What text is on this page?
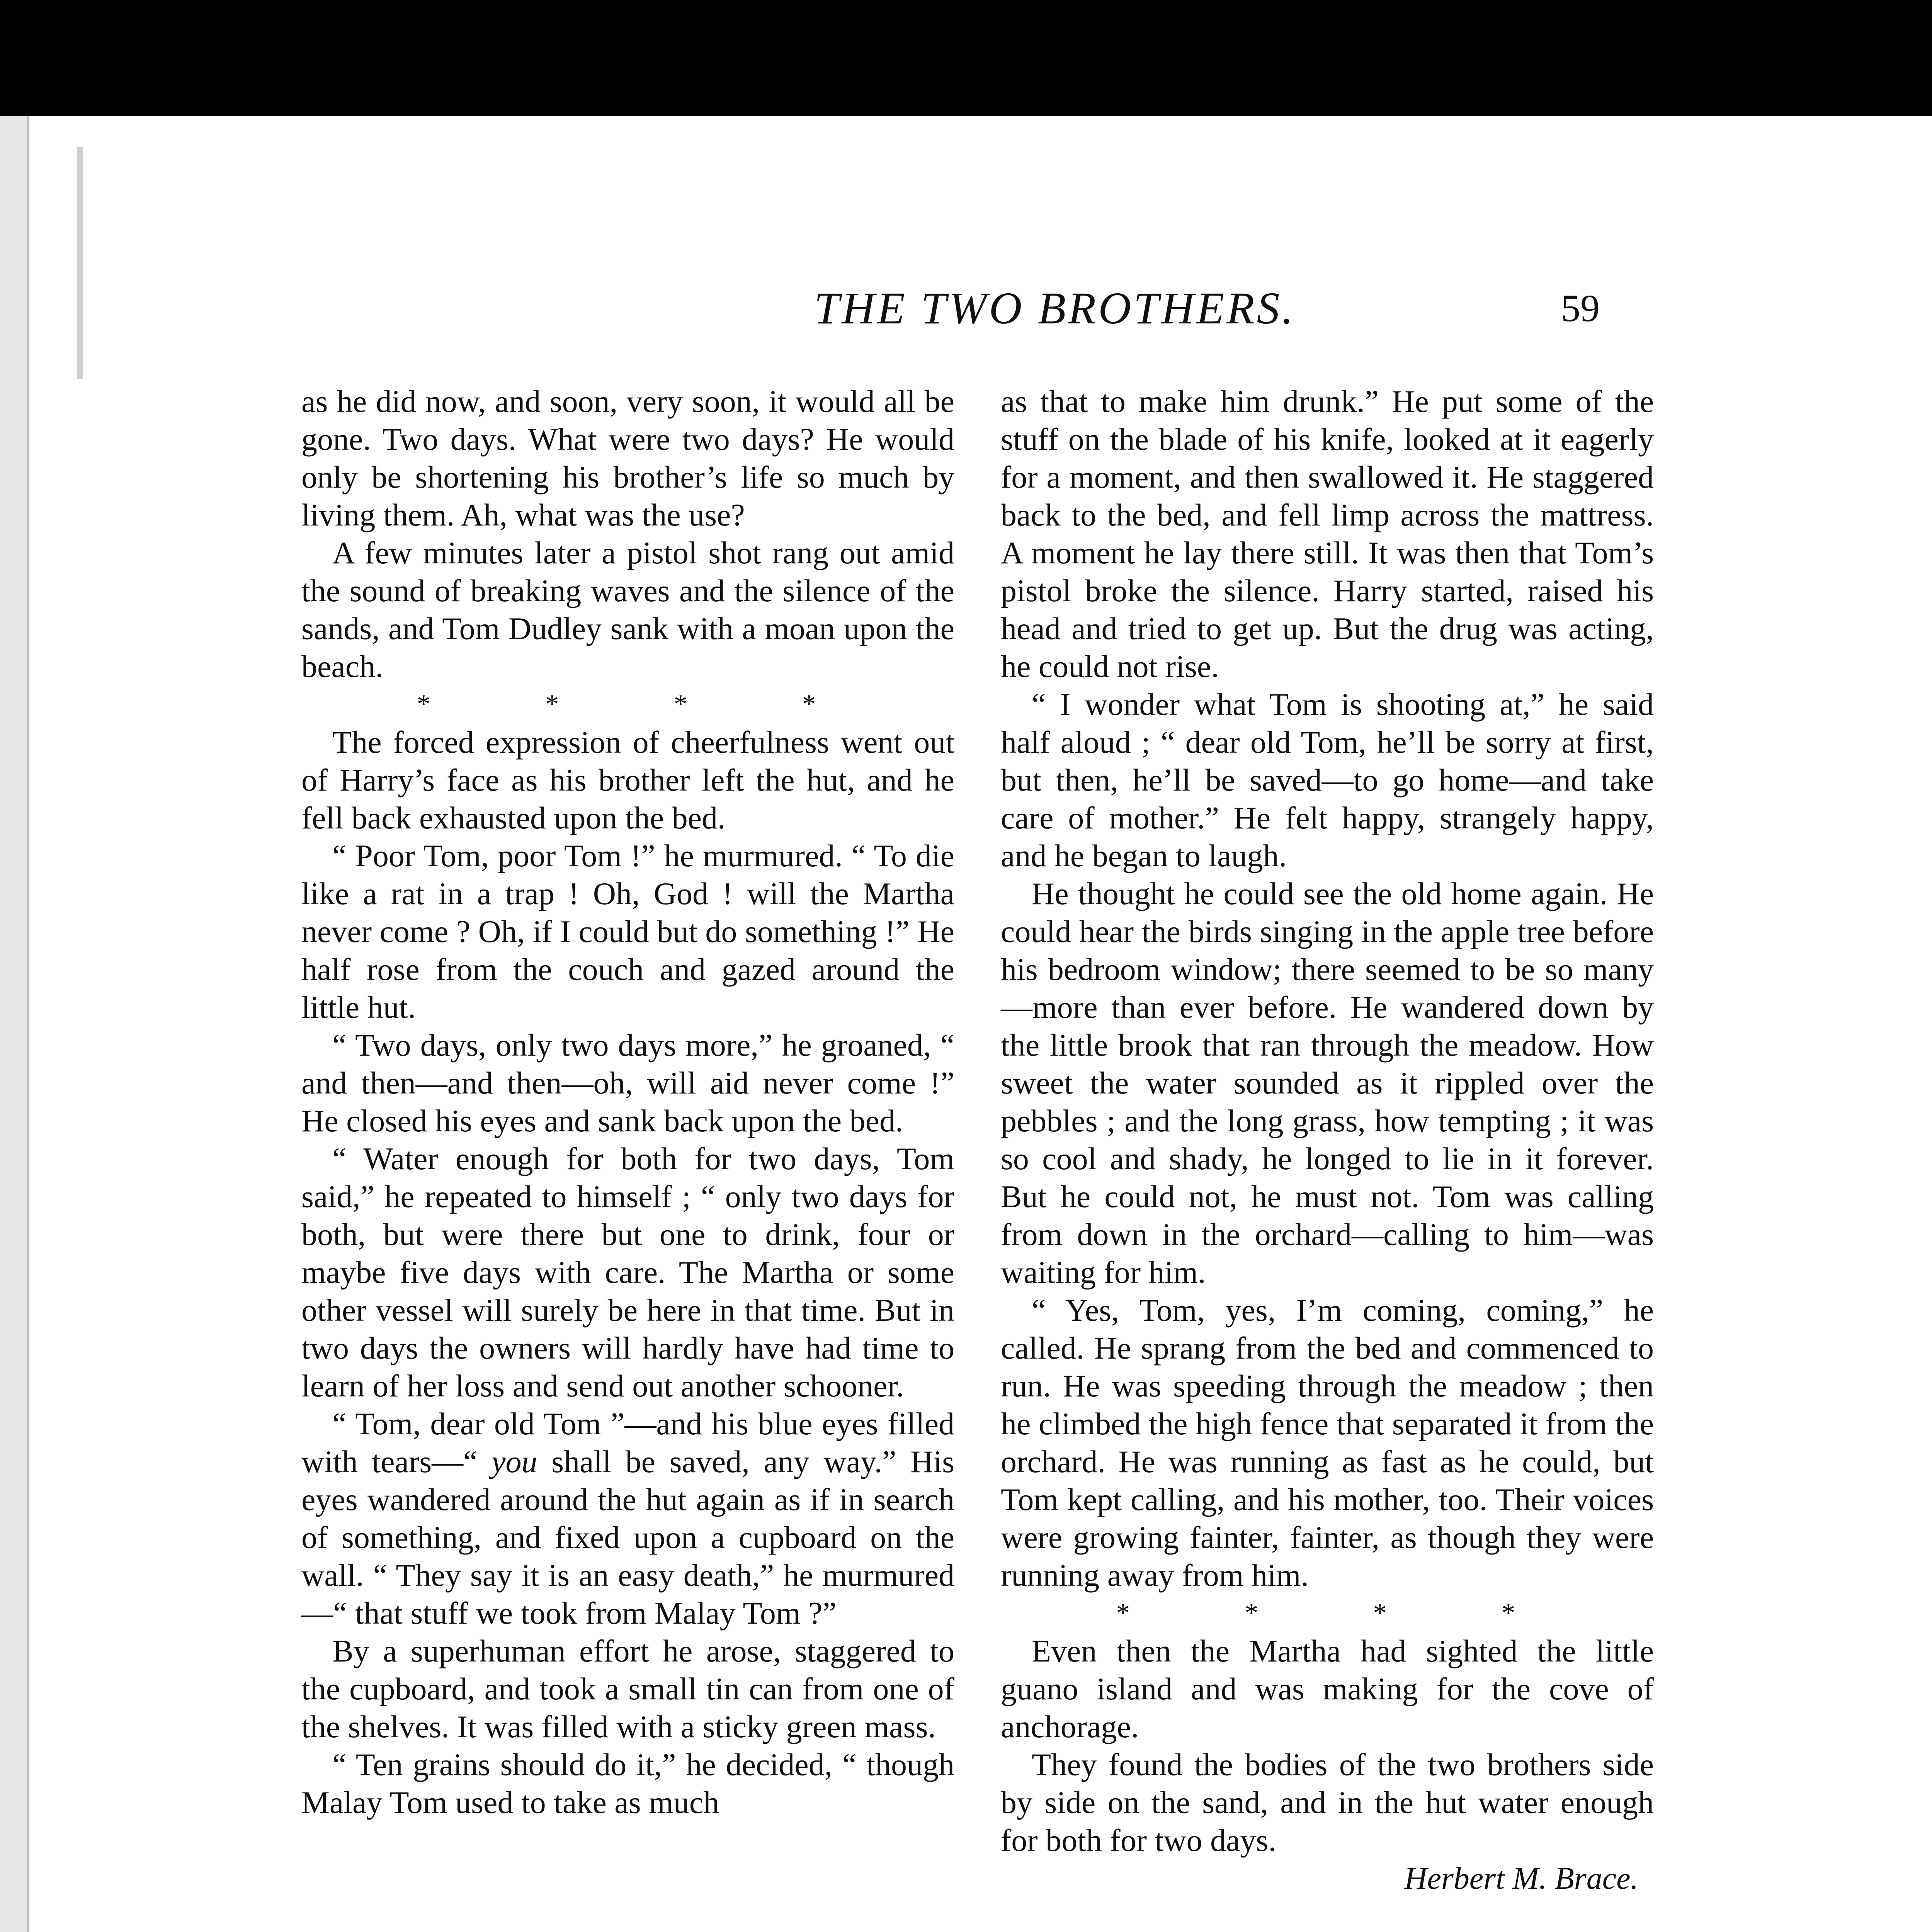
THE TWO BROTHERS.	59

as he did now, and soon, very soon, it would all be gone. Two days. What were two days? He would only be shortening his brother’s life so much by living them. Ah, what was the use?

A few minutes later a pistol shot rang out amid the sound of breaking waves and the silence of the sands, and Tom Dudley sank with a moan upon the beach.

* * * *

The forced expression of cheerfulness went out of Harry’s face as his brother left the hut, and he fell back exhausted upon the bed.

“ Poor Tom, poor Tom !” he murmured. “ To die like a rat in a trap ! Oh, God ! will the Martha never come ? Oh, if I could but do something !” He half rose from the couch and gazed around the little hut.

“ Two days, only two days more,” he groaned, “ and then—and then—oh, will aid never come !” He closed his eyes and sank back upon the bed.

“ Water enough for both for two days, Tom said,” he repeated to himself ; “ only two days for both, but were there but one to drink, four or maybe five days with care. The Martha or some other vessel will surely be here in that time. But in two days the owners will hardly have had time to learn of her loss and send out another schooner.

“ Tom, dear old Tom ”—and his blue eyes filled with tears—“ you shall be saved, any way.” His eyes wandered around the hut again as if in search of something, and fixed upon a cupboard on the wall. “ They say it is an easy death,” he murmured—“ that stuff we took from Malay Tom ?”

By a superhuman effort he arose, staggered to the cupboard, and took a small tin can from one of the shelves. It was filled with a sticky green mass.

“ Ten grains should do it,” he decided, “ though Malay Tom used to take as much

as that to make him drunk.” He put some of the stuff on the blade of his knife, looked at it eagerly for a moment, and then swallowed it. He staggered back to the bed, and fell limp across the mattress. A moment he lay there still. It was then that Tom’s pistol broke the silence. Harry started, raised his head and tried to get up. But the drug was acting, he could not rise.

“ I wonder what Tom is shooting at,” he said half aloud ; “ dear old Tom, he’ll be sorry at first, but then, he’ll be saved—to go home—and take care of mother.” He felt happy, strangely happy, and he began to laugh.

He thought he could see the old home again. He could hear the birds singing in the apple tree before his bedroom window; there seemed to be so many—more than ever before. He wandered down by the little brook that ran through the meadow. How sweet the water sounded as it rippled over the pebbles ; and the long grass, how tempting ; it was so cool and shady, he longed to lie in it forever. But he could not, he must not. Tom was calling from down in the orchard—calling to him—was waiting for him.

“ Yes, Tom, yes, I’m coming, coming,” he called. He sprang from the bed and commenced to run. He was speeding through the meadow ; then he climbed the high fence that separated it from the orchard. He was running as fast as he could, but Tom kept calling, and his mother, too. Their voices were growing fainter, fainter, as though they were running away from him.

* * * *

Even then the Martha had sighted the little guano island and was making for the cove of anchorage.

They found the bodies of the two brothers side by side on the sand, and in the hut water enough for both for two days.

Herbert M. Brace.
